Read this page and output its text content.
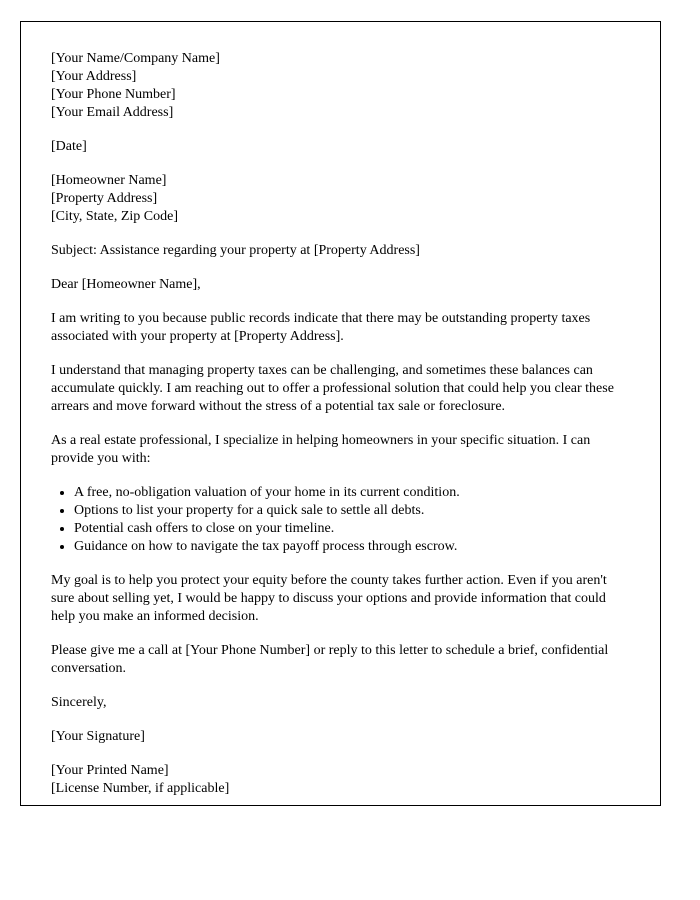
[Your Name/Company Name]
[Your Address]
[Your Phone Number]
[Your Email Address]
[Date]
[Homeowner Name]
[Property Address]
[City, State, Zip Code]
Subject: Assistance regarding your property at [Property Address]
Dear [Homeowner Name],
I am writing to you because public records indicate that there may be outstanding property taxes associated with your property at [Property Address].
I understand that managing property taxes can be challenging, and sometimes these balances can accumulate quickly. I am reaching out to offer a professional solution that could help you clear these arrears and move forward without the stress of a potential tax sale or foreclosure.
As a real estate professional, I specialize in helping homeowners in your specific situation. I can provide you with:
• A free, no-obligation valuation of your home in its current condition.
• Options to list your property for a quick sale to settle all debts.
• Potential cash offers to close on your timeline.
• Guidance on how to navigate the tax payoff process through escrow.
My goal is to help you protect your equity before the county takes further action. Even if you aren't sure about selling yet, I would be happy to discuss your options and provide information that could help you make an informed decision.
Please give me a call at [Your Phone Number] or reply to this letter to schedule a brief, confidential conversation.
Sincerely,
[Your Signature]
[Your Printed Name]
[License Number, if applicable]
